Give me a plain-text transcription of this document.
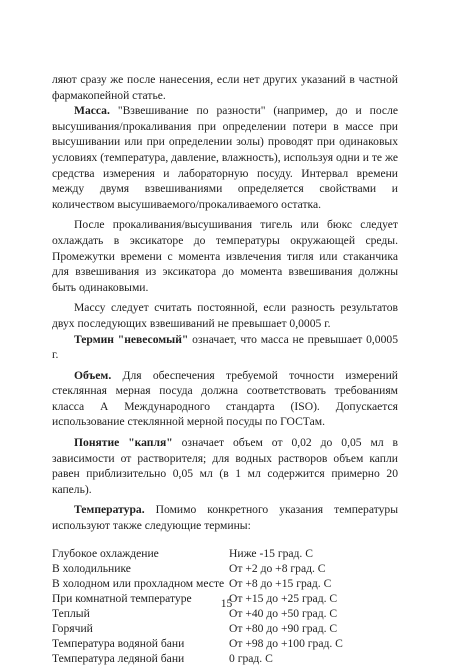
ляют сразу же после нанесения, если нет других указаний в частной фармакопейной статье.

Масса. "Взвешивание по разности" (например, до и после высушивания/прокаливания при определении потери в массе при высушивании или при определении золы) проводят при одинаковых условиях (температура, давление, влажность), используя одни и те же средства измерения и лабораторную посуду. Интервал времени между двумя взвешиваниями определяется свойствами и количеством высушиваемого/прокаливаемого остатка.

После прокаливания/высушивания тигель или бюкс следует охлаждать в эксикаторе до температуры окружающей среды. Промежутки времени с момента извлечения тигля или стаканчика для взвешивания из эксикатора до момента взвешивания должны быть одинаковыми.

Массу следует считать постоянной, если разность результатов двух последующих взвешиваний не превышает 0,0005 г.

Термин "невесомый" означает, что масса не превышает 0,0005 г.

Объем. Для обеспечения требуемой точности измерений стеклянная мерная посуда должна соответствовать требованиям класса А Международного стандарта (ISO). Допускается использование стеклянной мерной посуды по ГОСТам.

Понятие "капля" означает объем от 0,02 до 0,05 мл в зависимости от растворителя; для водных растворов объем капли равен приблизительно 0,05 мл (в 1 мл содержится примерно 20 капель).

Температура. Помимо конкретного указания температуры используют также следующие термины:

Глубокое охлаждение	Ниже -15 град. С
В холодильнике	От +2 до +8 град. С
В холодном или прохладном месте	От +8 до +15 град. С
При комнатной температуре	От +15 до +25 град. С
Теплый	От +40 до +50 град. С
Горячий	От +80 до +90 град. С
Температура водяной бани	От +98 до +100 град. С
Температура ледяной бани	0 град. С
15
